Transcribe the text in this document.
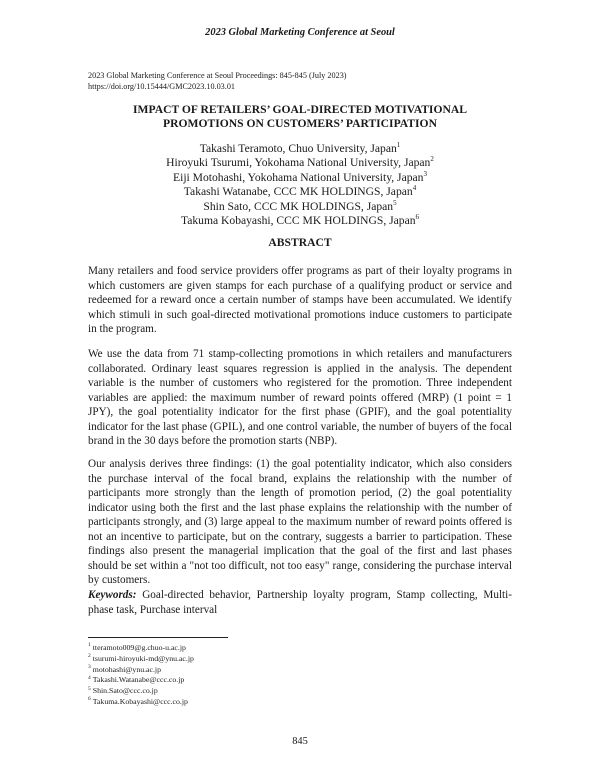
2023 Global Marketing Conference at Seoul
2023 Global Marketing Conference at Seoul Proceedings: 845-845 (July 2023)
https://doi.org/10.15444/GMC2023.10.03.01
IMPACT OF RETAILERS’ GOAL-DIRECTED MOTIVATIONAL
PROMOTIONS ON CUSTOMERS’ PARTICIPATION
Takashi Teramoto, Chuo University, Japan$^1$
Hiroyuki Tsurumi, Yokohama National University, Japan$^2$
Eiji Motohashi, Yokohama National University, Japan$^3$
Takashi Watanabe, CCC MK HOLDINGS, Japan$^4$
Shin Sato, CCC MK HOLDINGS, Japan$^5$
Takuma Kobayashi, CCC MK HOLDINGS, Japan$^6$
ABSTRACT
Many retailers and food service providers offer programs as part of their loyalty programs in which customers are given stamps for each purchase of a qualifying product or service and redeemed for a reward once a certain number of stamps have been accumulated. We identify which stimuli in such goal-directed motivational promotions induce customers to participate in the program.
We use the data from 71 stamp-collecting promotions in which retailers and manufacturers collaborated. Ordinary least squares regression is applied in the analysis. The dependent variable is the number of customers who registered for the promotion. Three independent variables are applied: the maximum number of reward points offered (MRP) (1 point = 1 JPY), the goal potentiality indicator for the first phase (GPIF), and the goal potentiality indicator for the last phase (GPIL), and one control variable, the number of buyers of the focal brand in the 30 days before the promotion starts (NBP).
Our analysis derives three findings: (1) the goal potentiality indicator, which also considers the purchase interval of the focal brand, explains the relationship with the number of participants more strongly than the length of promotion period, (2) the goal potentiality indicator using both the first and the last phase explains the relationship with the number of participants strongly, and (3) large appeal to the maximum number of reward points offered is not an incentive to participate, but on the contrary, suggests a barrier to participation. These findings also present the managerial implication that the goal of the first and last phases should be set within a "not too difficult, not too easy" range, considering the purchase interval by customers.
Keywords: Goal-directed behavior, Partnership loyalty program, Stamp collecting, Multi-phase task, Purchase interval
$^1$ tteramoto009@g.chuo-u.ac.jp
$^2$ tsurumi-hiroyuki-md@ynu.ac.jp
$^3$ motohashi@ynu.ac.jp
$^4$ Takashi.Watanabe@ccc.co.jp
$^5$ Shin.Sato@ccc.co.jp
$^6$ Takuma.Kobayashi@ccc.co.jp
845
